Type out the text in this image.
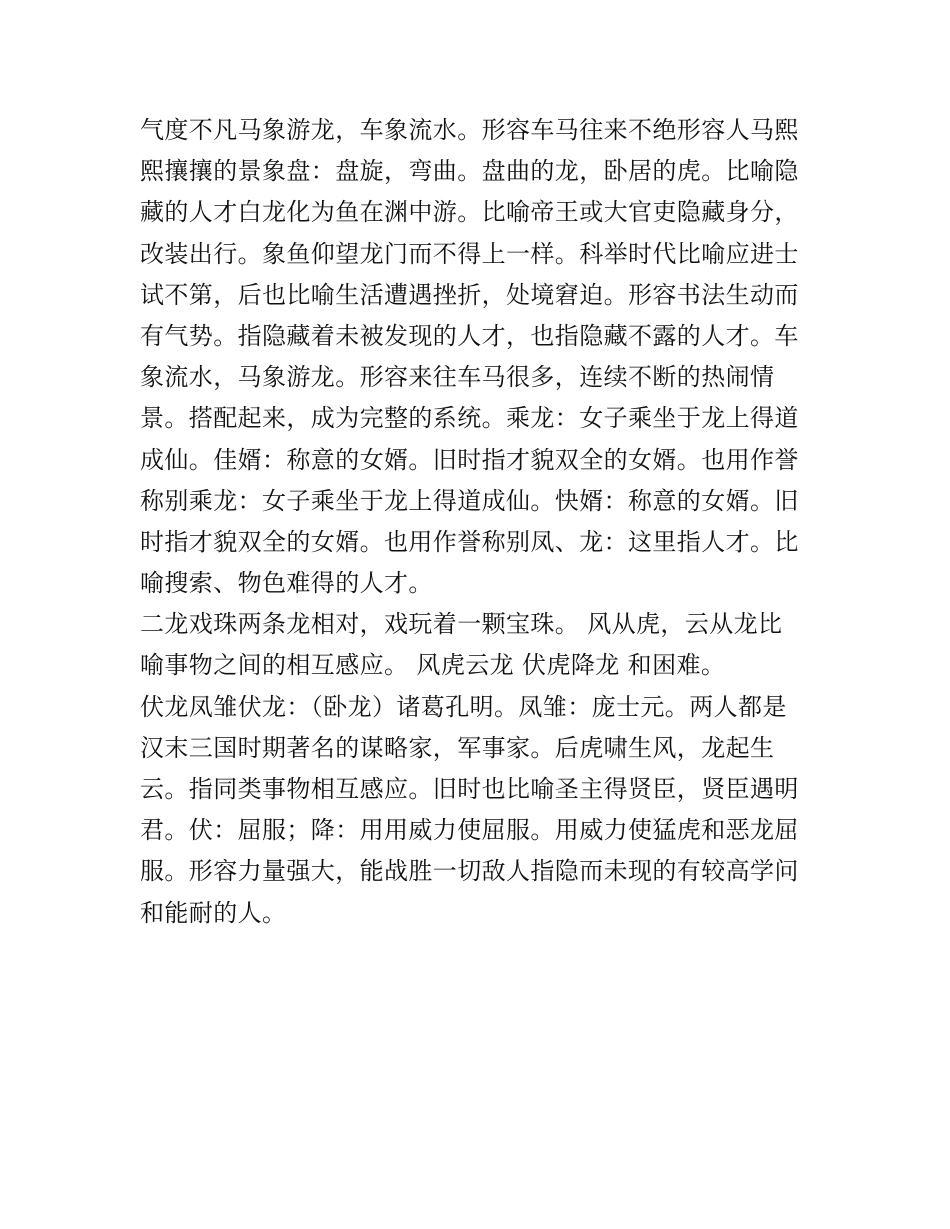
气度不凡马象游龙，车象流水。形容车马往来不绝形容人马熙
熙攘攘的景象盘：盘旋，弯曲。盘曲的龙，卧居的虎。比喻隐
藏的人才白龙化为鱼在渊中游。比喻帝王或大官吏隐藏身分，
改装出行。象鱼仰望龙门而不得上一样。科举时代比喻应进士
试不第，后也比喻生活遭遇挫折，处境窘迫。形容书法生动而
有气势。指隐藏着未被发现的人才，也指隐藏不露的人才。车
象流水，马象游龙。形容来往车马很多，连续不断的热闹情
景。搭配起来，成为完整的系统。乘龙：女子乘坐于龙上得道
成仙。佳婿：称意的女婿。旧时指才貌双全的女婿。也用作誉
称别乘龙：女子乘坐于龙上得道成仙。快婿：称意的女婿。旧
时指才貌双全的女婿。也用作誉称别凤、龙：这里指人才。比
喻搜索、物色难得的人才。

二龙戏珠两条龙相对，戏玩着一颗宝珠。 风从虎，云从龙比
喻事物之间的相互感应。 风虎云龙 伏虎降龙 和困难。

伏龙凤雏伏龙：（卧龙）诸葛孔明。凤雏：庞士元。两人都是
汉末三国时期著名的谋略家，军事家。后虎啸生风，龙起生
云。指同类事物相互感应。旧时也比喻圣主得贤臣，贤臣遇明
君。伏：屈服；降：用用威力使屈服。用威力使猛虎和恶龙屈
服。形容力量强大，能战胜一切敌人指隐而未现的有较高学问
和能耐的人。
